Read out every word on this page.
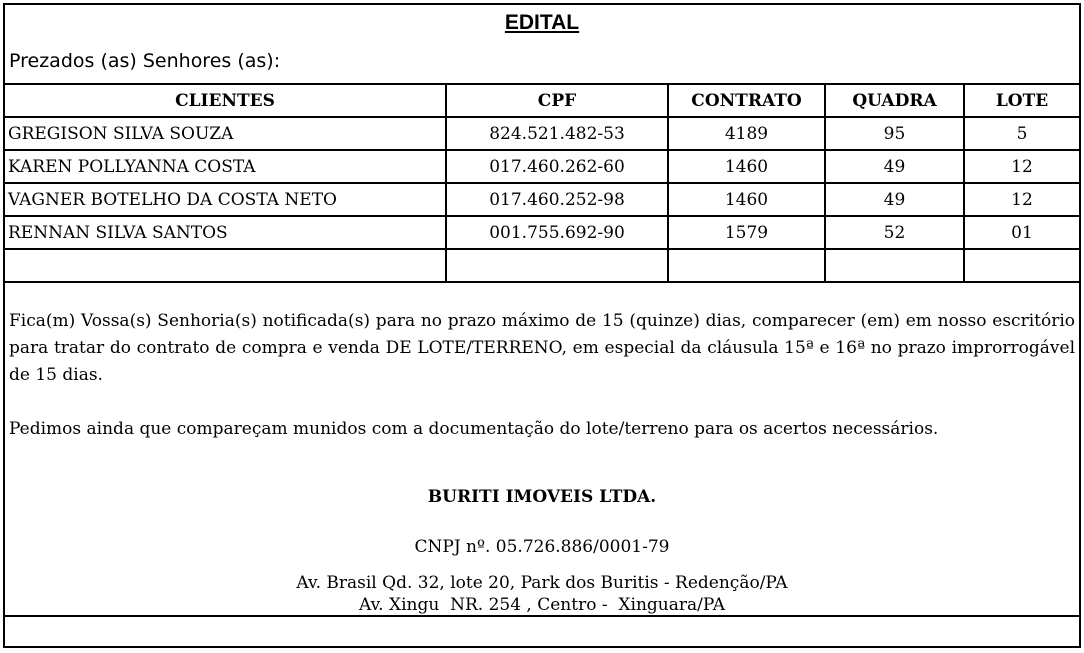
EDITAL
Prezados (as) Senhores (as):
CLIENTES	CPF	CONTRATO	QUADRA	LOTE
GREGISON SILVA SOUZA	824.521.482-53	4189	95	5
KAREN POLLYANNA COSTA	017.460.262-60	1460	49	12
VAGNER BOTELHO DA COSTA NETO	017.460.252-98	1460	49	12
RENNAN SILVA SANTOS	001.755.692-90	1579	52	01

Fica(m) Vossa(s) Senhoria(s) notificada(s) para no prazo máximo de 15 (quinze) dias, comparecer (em) em nosso escritório para tratar do contrato de compra e venda DE LOTE/TERRENO, em especial da cláusula 15ª e 16ª no prazo improrrogável de 15 dias.

Pedimos ainda que compareçam munidos com a documentação do lote/terreno para os acertos necessários.

BURITI IMOVEIS LTDA.
CNPJ nº. 05.726.886/0001-79
Av. Brasil Qd. 32, lote 20, Park dos Buritis - Redenção/PA
Av. Xingu  NR. 254 , Centro -  Xinguara/PA
